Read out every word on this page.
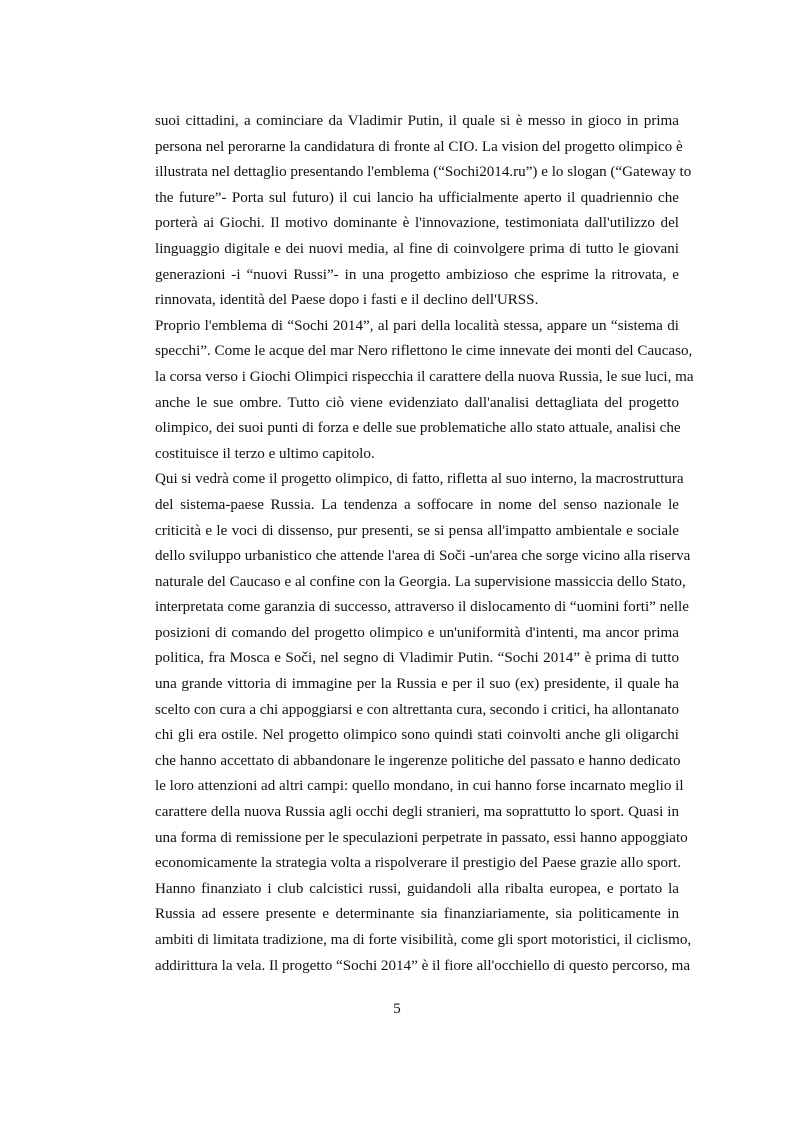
suoi cittadini, a cominciare da Vladimir Putin, il quale si è messo in gioco in prima
persona nel perorarne la candidatura di fronte al CIO. La vision del progetto olimpico è
illustrata nel dettaglio presentando l'emblema (“Sochi2014.ru”) e lo slogan (“Gateway to
the future”- Porta sul futuro) il cui lancio ha ufficialmente aperto il quadriennio che
porterà ai Giochi. Il motivo dominante è l'innovazione, testimoniata dall'utilizzo del
linguaggio digitale e dei nuovi media, al fine di coinvolgere prima di tutto le giovani
generazioni -i “nuovi Russi”- in una progetto ambizioso che esprime la ritrovata, e
rinnovata, identità del Paese dopo i fasti e il declino dell'URSS.
Proprio l'emblema di “Sochi 2014”, al pari della località stessa, appare un “sistema di
specchi”. Come le acque del mar Nero riflettono le cime innevate dei monti del Caucaso,
la corsa verso i Giochi Olimpici rispecchia il carattere della nuova Russia, le sue luci, ma
anche le sue ombre. Tutto ciò viene evidenziato dall'analisi dettagliata del progetto
olimpico, dei suoi punti di forza e delle sue problematiche allo stato attuale, analisi che
costituisce il terzo e ultimo capitolo.
Qui si vedrà come il progetto olimpico, di fatto, rifletta al suo interno, la macrostruttura
del sistema-paese Russia. La tendenza a soffocare in nome del senso nazionale le
criticità e le voci di dissenso, pur presenti, se si pensa all'impatto ambientale e sociale
dello sviluppo urbanistico che attende l'area di Soči -un'area che sorge vicino alla riserva
naturale del Caucaso e al confine con la Georgia. La supervisione massiccia dello Stato,
interpretata come garanzia di successo, attraverso il dislocamento di “uomini forti” nelle
posizioni di comando del progetto olimpico e un'uniformità d'intenti, ma ancor prima
politica, fra Mosca e Soči, nel segno di Vladimir Putin. “Sochi 2014” è prima di tutto
una grande vittoria di immagine per la Russia e per il suo (ex) presidente, il quale ha
scelto con cura a chi appoggiarsi e con altrettanta cura, secondo i critici, ha allontanato
chi gli era ostile. Nel progetto olimpico sono quindi stati coinvolti anche gli oligarchi
che hanno accettato di abbandonare le ingerenze politiche del passato e hanno dedicato
le loro attenzioni ad altri campi: quello mondano, in cui hanno forse incarnato meglio il
carattere della nuova Russia agli occhi degli stranieri, ma soprattutto lo sport. Quasi in
una forma di remissione per le speculazioni perpetrate in passato, essi hanno appoggiato
economicamente la strategia volta a rispolverare il prestigio del Paese grazie allo sport.
Hanno finanziato i club calcistici russi, guidandoli alla ribalta europea, e portato la
Russia ad essere presente e determinante sia finanziariamente, sia politicamente in
ambiti di limitata tradizione, ma di forte visibilità, come gli sport motoristici, il ciclismo,
addirittura la vela. Il progetto “Sochi 2014” è il fiore all'occhiello di questo percorso, ma
5
